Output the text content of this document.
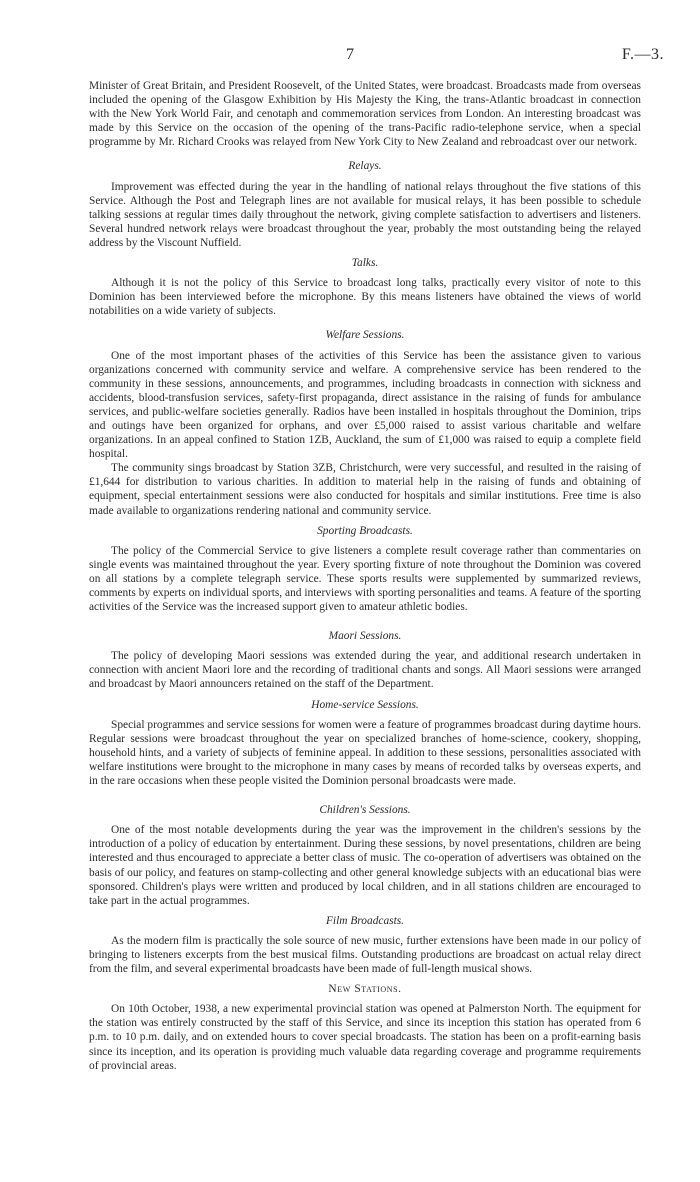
7	F.—3.

Minister of Great Britain, and President Roosevelt, of the United States, were broadcast. Broadcasts made from overseas included the opening of the Glasgow Exhibition by His Majesty the King, the trans-Atlantic broadcast in connection with the New York World Fair, and cenotaph and commemoration services from London. An interesting broadcast was made by this Service on the occasion of the opening of the trans-Pacific radio-telephone service, when a special programme by Mr. Richard Crooks was relayed from New York City to New Zealand and rebroadcast over our network.

Relays.

Improvement was effected during the year in the handling of national relays throughout the five stations of this Service. Although the Post and Telegraph lines are not available for musical relays, it has been possible to schedule talking sessions at regular times daily throughout the network, giving complete satisfaction to advertisers and listeners. Several hundred network relays were broadcast throughout the year, probably the most outstanding being the relayed address by the Viscount Nuffield.

Talks.

Although it is not the policy of this Service to broadcast long talks, practically every visitor of note to this Dominion has been interviewed before the microphone. By this means listeners have obtained the views of world notabilities on a wide variety of subjects.

Welfare Sessions.

One of the most important phases of the activities of this Service has been the assistance given to various organizations concerned with community service and welfare. A comprehensive service has been rendered to the community in these sessions, announcements, and programmes, including broadcasts in connection with sickness and accidents, blood-transfusion services, safety-first propaganda, direct assistance in the raising of funds for ambulance services, and public-welfare societies generally. Radios have been installed in hospitals throughout the Dominion, trips and outings have been organized for orphans, and over £5,000 raised to assist various charitable and welfare organizations. In an appeal confined to Station 1ZB, Auckland, the sum of £1,000 was raised to equip a complete field hospital.

The community sings broadcast by Station 3ZB, Christchurch, were very successful, and resulted in the raising of £1,644 for distribution to various charities. In addition to material help in the raising of funds and obtaining of equipment, special entertainment sessions were also conducted for hospitals and similar institutions. Free time is also made available to organizations rendering national and community service.

Sporting Broadcasts.

The policy of the Commercial Service to give listeners a complete result coverage rather than commentaries on single events was maintained throughout the year. Every sporting fixture of note throughout the Dominion was covered on all stations by a complete telegraph service. These sports results were supplemented by summarized reviews, comments by experts on individual sports, and interviews with sporting personalities and teams. A feature of the sporting activities of the Service was the increased support given to amateur athletic bodies.

Maori Sessions.

The policy of developing Maori sessions was extended during the year, and additional research undertaken in connection with ancient Maori lore and the recording of traditional chants and songs. All Maori sessions were arranged and broadcast by Maori announcers retained on the staff of the Department.

Home-service Sessions.

Special programmes and service sessions for women were a feature of programmes broadcast during daytime hours. Regular sessions were broadcast throughout the year on specialized branches of home-science, cookery, shopping, household hints, and a variety of subjects of feminine appeal. In addition to these sessions, personalities associated with welfare institutions were brought to the microphone in many cases by means of recorded talks by overseas experts, and in the rare occasions when these people visited the Dominion personal broadcasts were made.

Children's Sessions.

One of the most notable developments during the year was the improvement in the children's sessions by the introduction of a policy of education by entertainment. During these sessions, by novel presentations, children are being interested and thus encouraged to appreciate a better class of music. The co-operation of advertisers was obtained on the basis of our policy, and features on stamp-collecting and other general knowledge subjects with an educational bias were sponsored. Children's plays were written and produced by local children, and in all stations children are encouraged to take part in the actual programmes.

Film Broadcasts.

As the modern film is practically the sole source of new music, further extensions have been made in our policy of bringing to listeners excerpts from the best musical films. Outstanding productions are broadcast on actual relay direct from the film, and several experimental broadcasts have been made of full-length musical shows.

New Stations.

On 10th October, 1938, a new experimental provincial station was opened at Palmerston North. The equipment for the station was entirely constructed by the staff of this Service, and since its inception this station has operated from 6 p.m. to 10 p.m. daily, and on extended hours to cover special broadcasts. The station has been on a profit-earning basis since its inception, and its operation is providing much valuable data regarding coverage and programme requirements of provincial areas.
